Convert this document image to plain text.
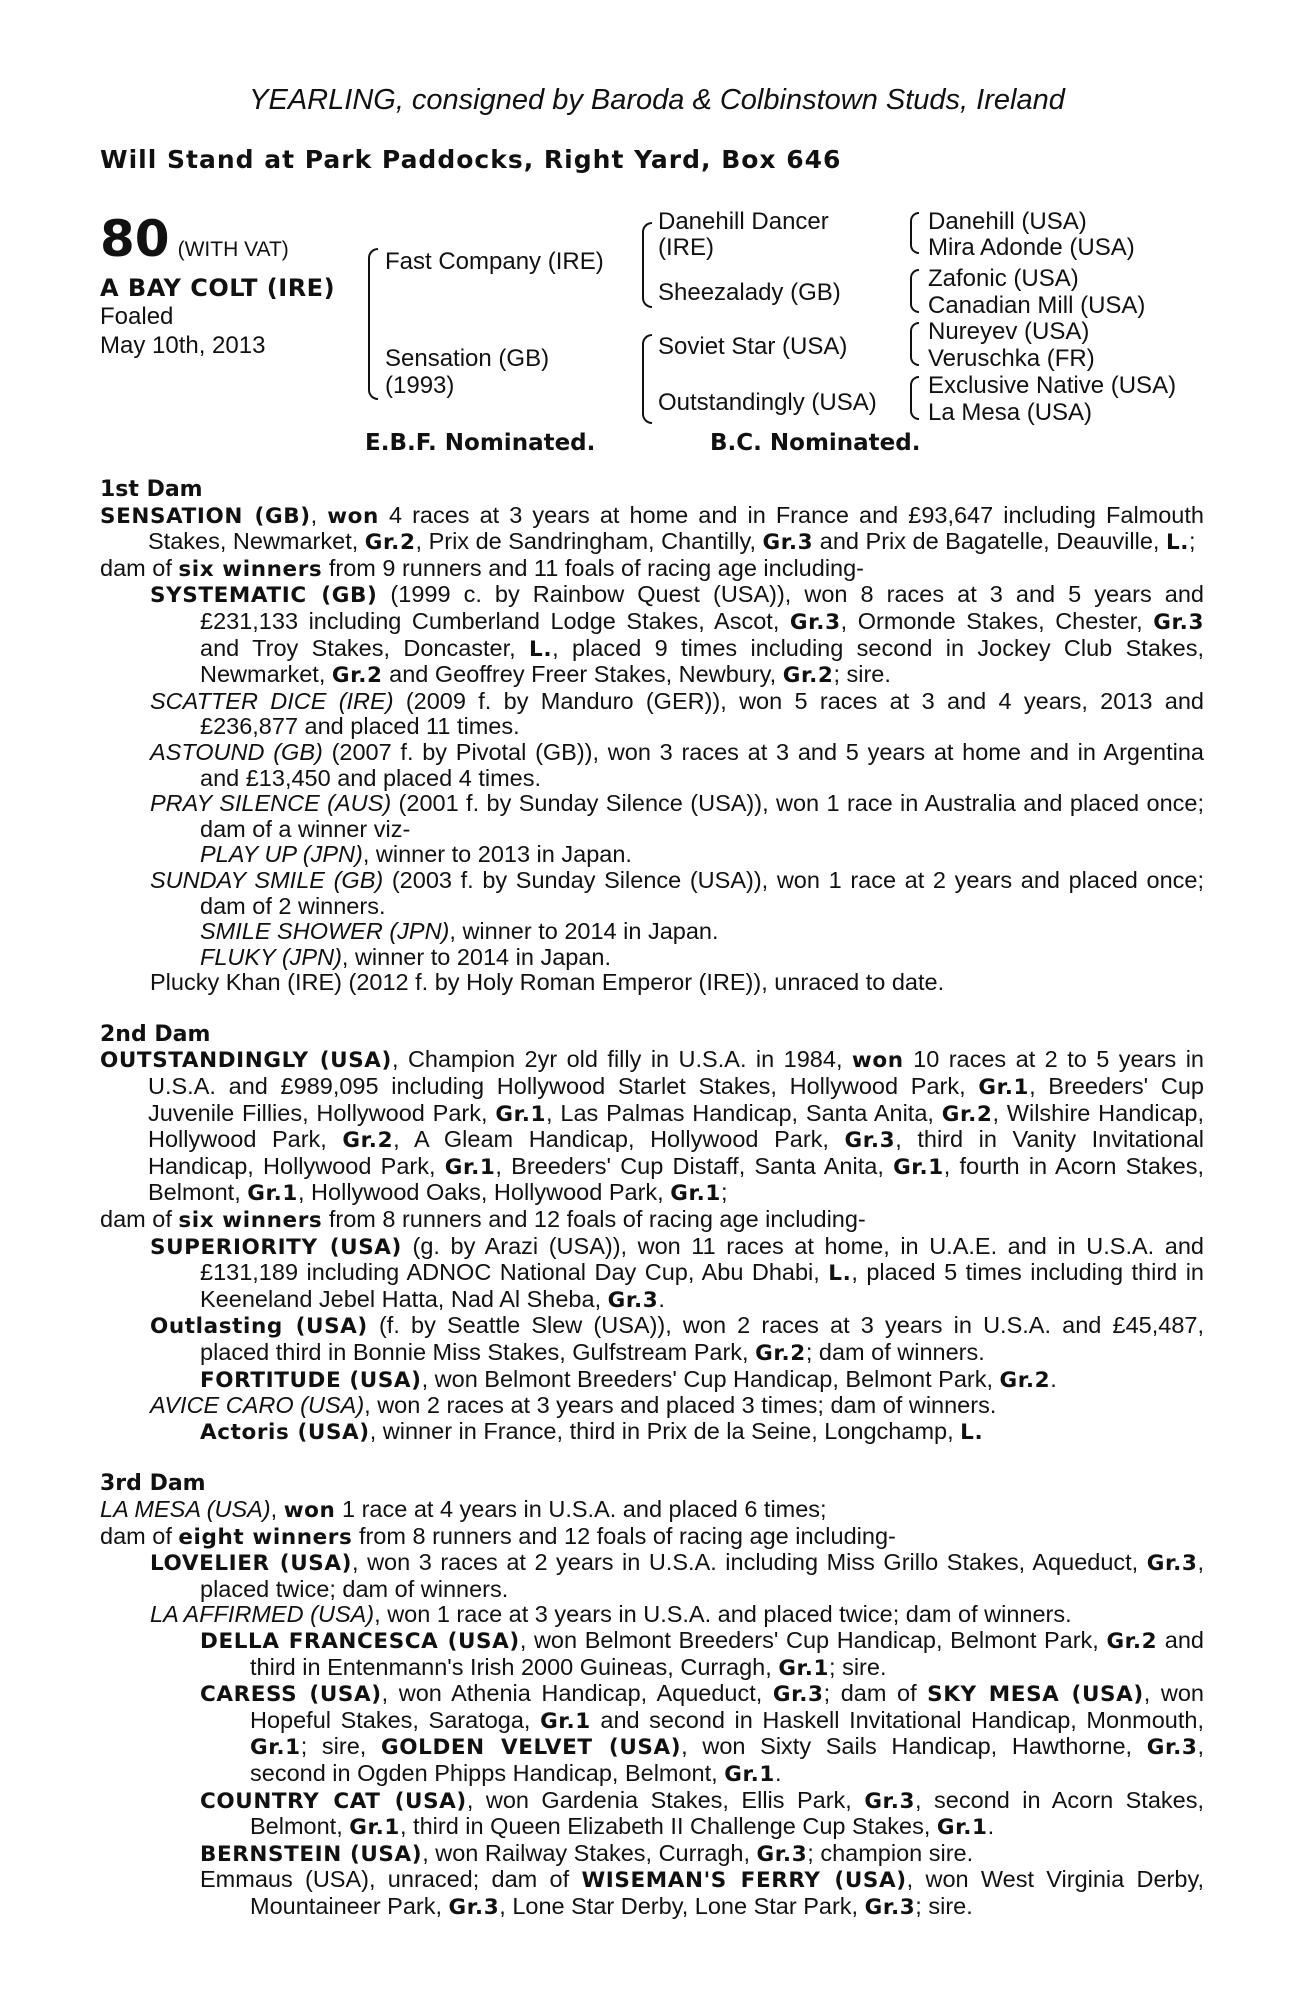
YEARLING, consigned by Baroda & Colbinstown Studs, Ireland
Will Stand at Park Paddocks, Right Yard, Box 646
80 (WITH VAT)
A BAY COLT (IRE)
Foaled
May 10th, 2013
Fast Company (IRE)
Sensation (GB)
(1993)
Danehill Dancer
(IRE)
Sheezalady (GB)
Soviet Star (USA)
Outstandingly (USA)
Danehill (USA)
Mira Adonde (USA)
Zafonic (USA)
Canadian Mill (USA)
Nureyev (USA)
Veruschka (FR)
Exclusive Native (USA)
La Mesa (USA)
E.B.F. Nominated.	B.C. Nominated.
1st Dam
SENSATION (GB), won 4 races at 3 years at home and in France and £93,647 including Falmouth Stakes, Newmarket, Gr.2, Prix de Sandringham, Chantilly, Gr.3 and Prix de Bagatelle, Deauville, L.;
dam of six winners from 9 runners and 11 foals of racing age including-
SYSTEMATIC (GB) (1999 c. by Rainbow Quest (USA)), won 8 races at 3 and 5 years and £231,133 including Cumberland Lodge Stakes, Ascot, Gr.3, Ormonde Stakes, Chester, Gr.3 and Troy Stakes, Doncaster, L., placed 9 times including second in Jockey Club Stakes, Newmarket, Gr.2 and Geoffrey Freer Stakes, Newbury, Gr.2; sire.
SCATTER DICE (IRE) (2009 f. by Manduro (GER)), won 5 races at 3 and 4 years, 2013 and £236,877 and placed 11 times.
ASTOUND (GB) (2007 f. by Pivotal (GB)), won 3 races at 3 and 5 years at home and in Argentina and £13,450 and placed 4 times.
PRAY SILENCE (AUS) (2001 f. by Sunday Silence (USA)), won 1 race in Australia and placed once; dam of a winner viz-
PLAY UP (JPN), winner to 2013 in Japan.
SUNDAY SMILE (GB) (2003 f. by Sunday Silence (USA)), won 1 race at 2 years and placed once; dam of 2 winners.
SMILE SHOWER (JPN), winner to 2014 in Japan.
FLUKY (JPN), winner to 2014 in Japan.
Plucky Khan (IRE) (2012 f. by Holy Roman Emperor (IRE)), unraced to date.
2nd Dam
OUTSTANDINGLY (USA), Champion 2yr old filly in U.S.A. in 1984, won 10 races at 2 to 5 years in U.S.A. and £989,095 including Hollywood Starlet Stakes, Hollywood Park, Gr.1, Breeders' Cup Juvenile Fillies, Hollywood Park, Gr.1, Las Palmas Handicap, Santa Anita, Gr.2, Wilshire Handicap, Hollywood Park, Gr.2, A Gleam Handicap, Hollywood Park, Gr.3, third in Vanity Invitational Handicap, Hollywood Park, Gr.1, Breeders' Cup Distaff, Santa Anita, Gr.1, fourth in Acorn Stakes, Belmont, Gr.1, Hollywood Oaks, Hollywood Park, Gr.1;
dam of six winners from 8 runners and 12 foals of racing age including-
SUPERIORITY (USA) (g. by Arazi (USA)), won 11 races at home, in U.A.E. and in U.S.A. and £131,189 including ADNOC National Day Cup, Abu Dhabi, L., placed 5 times including third in Keeneland Jebel Hatta, Nad Al Sheba, Gr.3.
Outlasting (USA) (f. by Seattle Slew (USA)), won 2 races at 3 years in U.S.A. and £45,487, placed third in Bonnie Miss Stakes, Gulfstream Park, Gr.2; dam of winners.
FORTITUDE (USA), won Belmont Breeders' Cup Handicap, Belmont Park, Gr.2.
AVICE CARO (USA), won 2 races at 3 years and placed 3 times; dam of winners.
Actoris (USA), winner in France, third in Prix de la Seine, Longchamp, L.
3rd Dam
LA MESA (USA), won 1 race at 4 years in U.S.A. and placed 6 times;
dam of eight winners from 8 runners and 12 foals of racing age including-
LOVELIER (USA), won 3 races at 2 years in U.S.A. including Miss Grillo Stakes, Aqueduct, Gr.3, placed twice; dam of winners.
LA AFFIRMED (USA), won 1 race at 3 years in U.S.A. and placed twice; dam of winners.
DELLA FRANCESCA (USA), won Belmont Breeders' Cup Handicap, Belmont Park, Gr.2 and third in Entenmann's Irish 2000 Guineas, Curragh, Gr.1; sire.
CARESS (USA), won Athenia Handicap, Aqueduct, Gr.3; dam of SKY MESA (USA), won Hopeful Stakes, Saratoga, Gr.1 and second in Haskell Invitational Handicap, Monmouth, Gr.1; sire, GOLDEN VELVET (USA), won Sixty Sails Handicap, Hawthorne, Gr.3, second in Ogden Phipps Handicap, Belmont, Gr.1.
COUNTRY CAT (USA), won Gardenia Stakes, Ellis Park, Gr.3, second in Acorn Stakes, Belmont, Gr.1, third in Queen Elizabeth II Challenge Cup Stakes, Gr.1.
BERNSTEIN (USA), won Railway Stakes, Curragh, Gr.3; champion sire.
Emmaus (USA), unraced; dam of WISEMAN'S FERRY (USA), won West Virginia Derby, Mountaineer Park, Gr.3, Lone Star Derby, Lone Star Park, Gr.3; sire.
